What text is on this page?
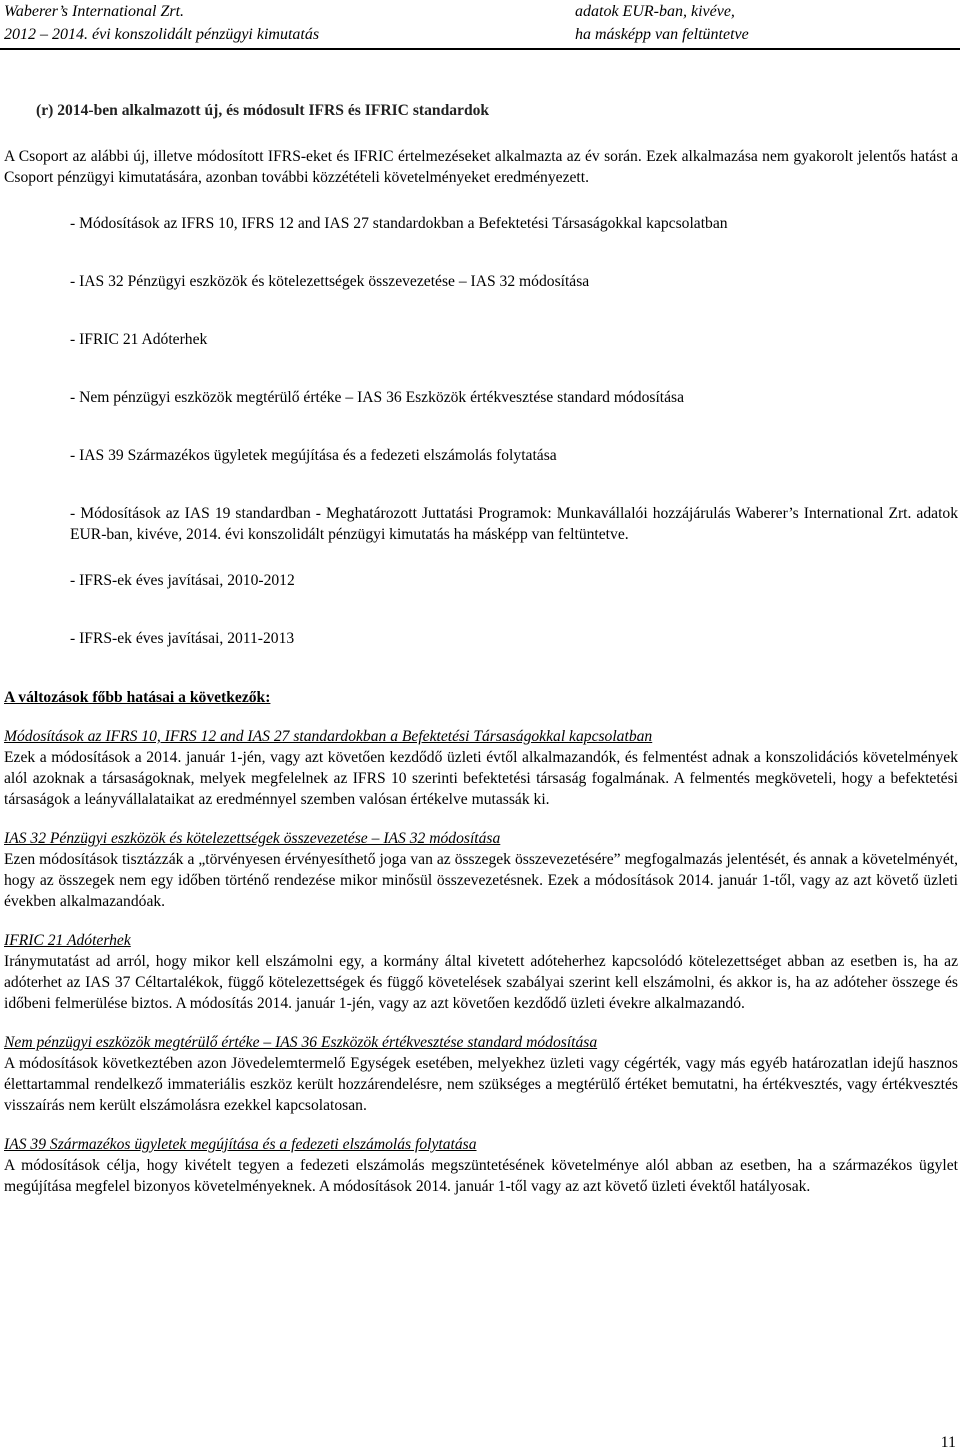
Waberer’s International Zrt.
2012 – 2014. évi konszolidált pénzügyi kimutatás
adatok EUR-ban, kivéve,
ha másképp van feltüntetve

(r) 2014-ben alkalmazott új, és módosult IFRS és IFRIC standardok

A Csoport az alábbi új, illetve módosított IFRS-eket és IFRIC értelmezéseket alkalmazta az év során. Ezek alkalmazása nem gyakorolt jelentős hatást a Csoport pénzügyi kimutatására, azonban további közzétételi követelményeket eredményezett.

- Módosítások az IFRS 10, IFRS 12 and IAS 27 standardokban a Befektetési Társaságokkal kapcsolatban

- IAS 32 Pénzügyi eszközök és kötelezettségek összevezetése – IAS 32 módosítása

- IFRIC 21 Adóterhek

- Nem pénzügyi eszközök megtérülő értéke – IAS 36 Eszközök értékvesztése standard módosítása

- IAS 39 Származékos ügyletek megújítása és a fedezeti elszámolás folytatása

- Módosítások az IAS 19 standardban - Meghatározott Juttatási Programok: Munkavállalói hozzájárulás Waberer’s International Zrt. adatok EUR-ban, kivéve, 2014. évi konszolidált pénzügyi kimutatás ha másképp van feltüntetve.

- IFRS-ek éves javításai, 2010-2012

- IFRS-ek éves javításai, 2011-2013

A változások főbb hatásai a következők:

Módosítások az IFRS 10, IFRS 12 and IAS 27 standardokban a Befektetési Társaságokkal kapcsolatban

Ezek a módosítások a 2014. január 1-jén, vagy azt követően kezdődő üzleti évtől alkalmazandók, és felmentést adnak a konszolidációs követelmények alól azoknak a társaságoknak, melyek megfelelnek az IFRS 10 szerinti befektetési társaság fogalmának. A felmentés megköveteli, hogy a befektetési társaságok a leányvállalataikat az eredménnyel szemben valósan értékelve mutassák ki.

IAS 32 Pénzügyi eszközök és kötelezettségek összevezetése – IAS 32 módosítása

Ezen módosítások tisztázzák a „törvényesen érvényesíthető joga van az összegek összevezetésére” megfogalmazás jelentését, és annak a követelményét, hogy az összegek nem egy időben történő rendezése mikor minősül összevezetésnek. Ezek a módosítások 2014. január 1-től, vagy az azt követő üzleti években alkalmazandóak.

IFRIC 21 Adóterhek

Iránymutatást ad arról, hogy mikor kell elszámolni egy, a kormány által kivetett adóteherhez kapcsolódó kötelezettséget abban az esetben is, ha az adóterhet az IAS 37 Céltartalékok, függő kötelezettségek és függő követelések szabályai szerint kell elszámolni, és akkor is, ha az adóteher összege és időbeni felmerülése biztos. A módosítás 2014. január 1-jén, vagy az azt követően kezdődő üzleti évekre alkalmazandó.

Nem pénzügyi eszközök megtérülő értéke – IAS 36 Eszközök értékvesztése standard módosítása

A módosítások következtében azon Jövedelemtermelő Egységek esetében, melyekhez üzleti vagy cégérték, vagy más egyéb határozatlan idejű hasznos élettartammal rendelkező immateriális eszköz került hozzárendelésre, nem szükséges a megtérülő értéket bemutatni, ha értékvesztés, vagy értékvesztés visszaírás nem került elszámolásra ezekkel kapcsolatosan.

IAS 39 Származékos ügyletek megújítása és a fedezeti elszámolás folytatása

A módosítások célja, hogy kivételt tegyen a fedezeti elszámolás megszüntetésének követelménye alól abban az esetben, ha a származékos ügylet megújítása megfelel bizonyos követelményeknek. A módosítások 2014. január 1-től vagy az azt követő üzleti évektől hatályosak.

11
